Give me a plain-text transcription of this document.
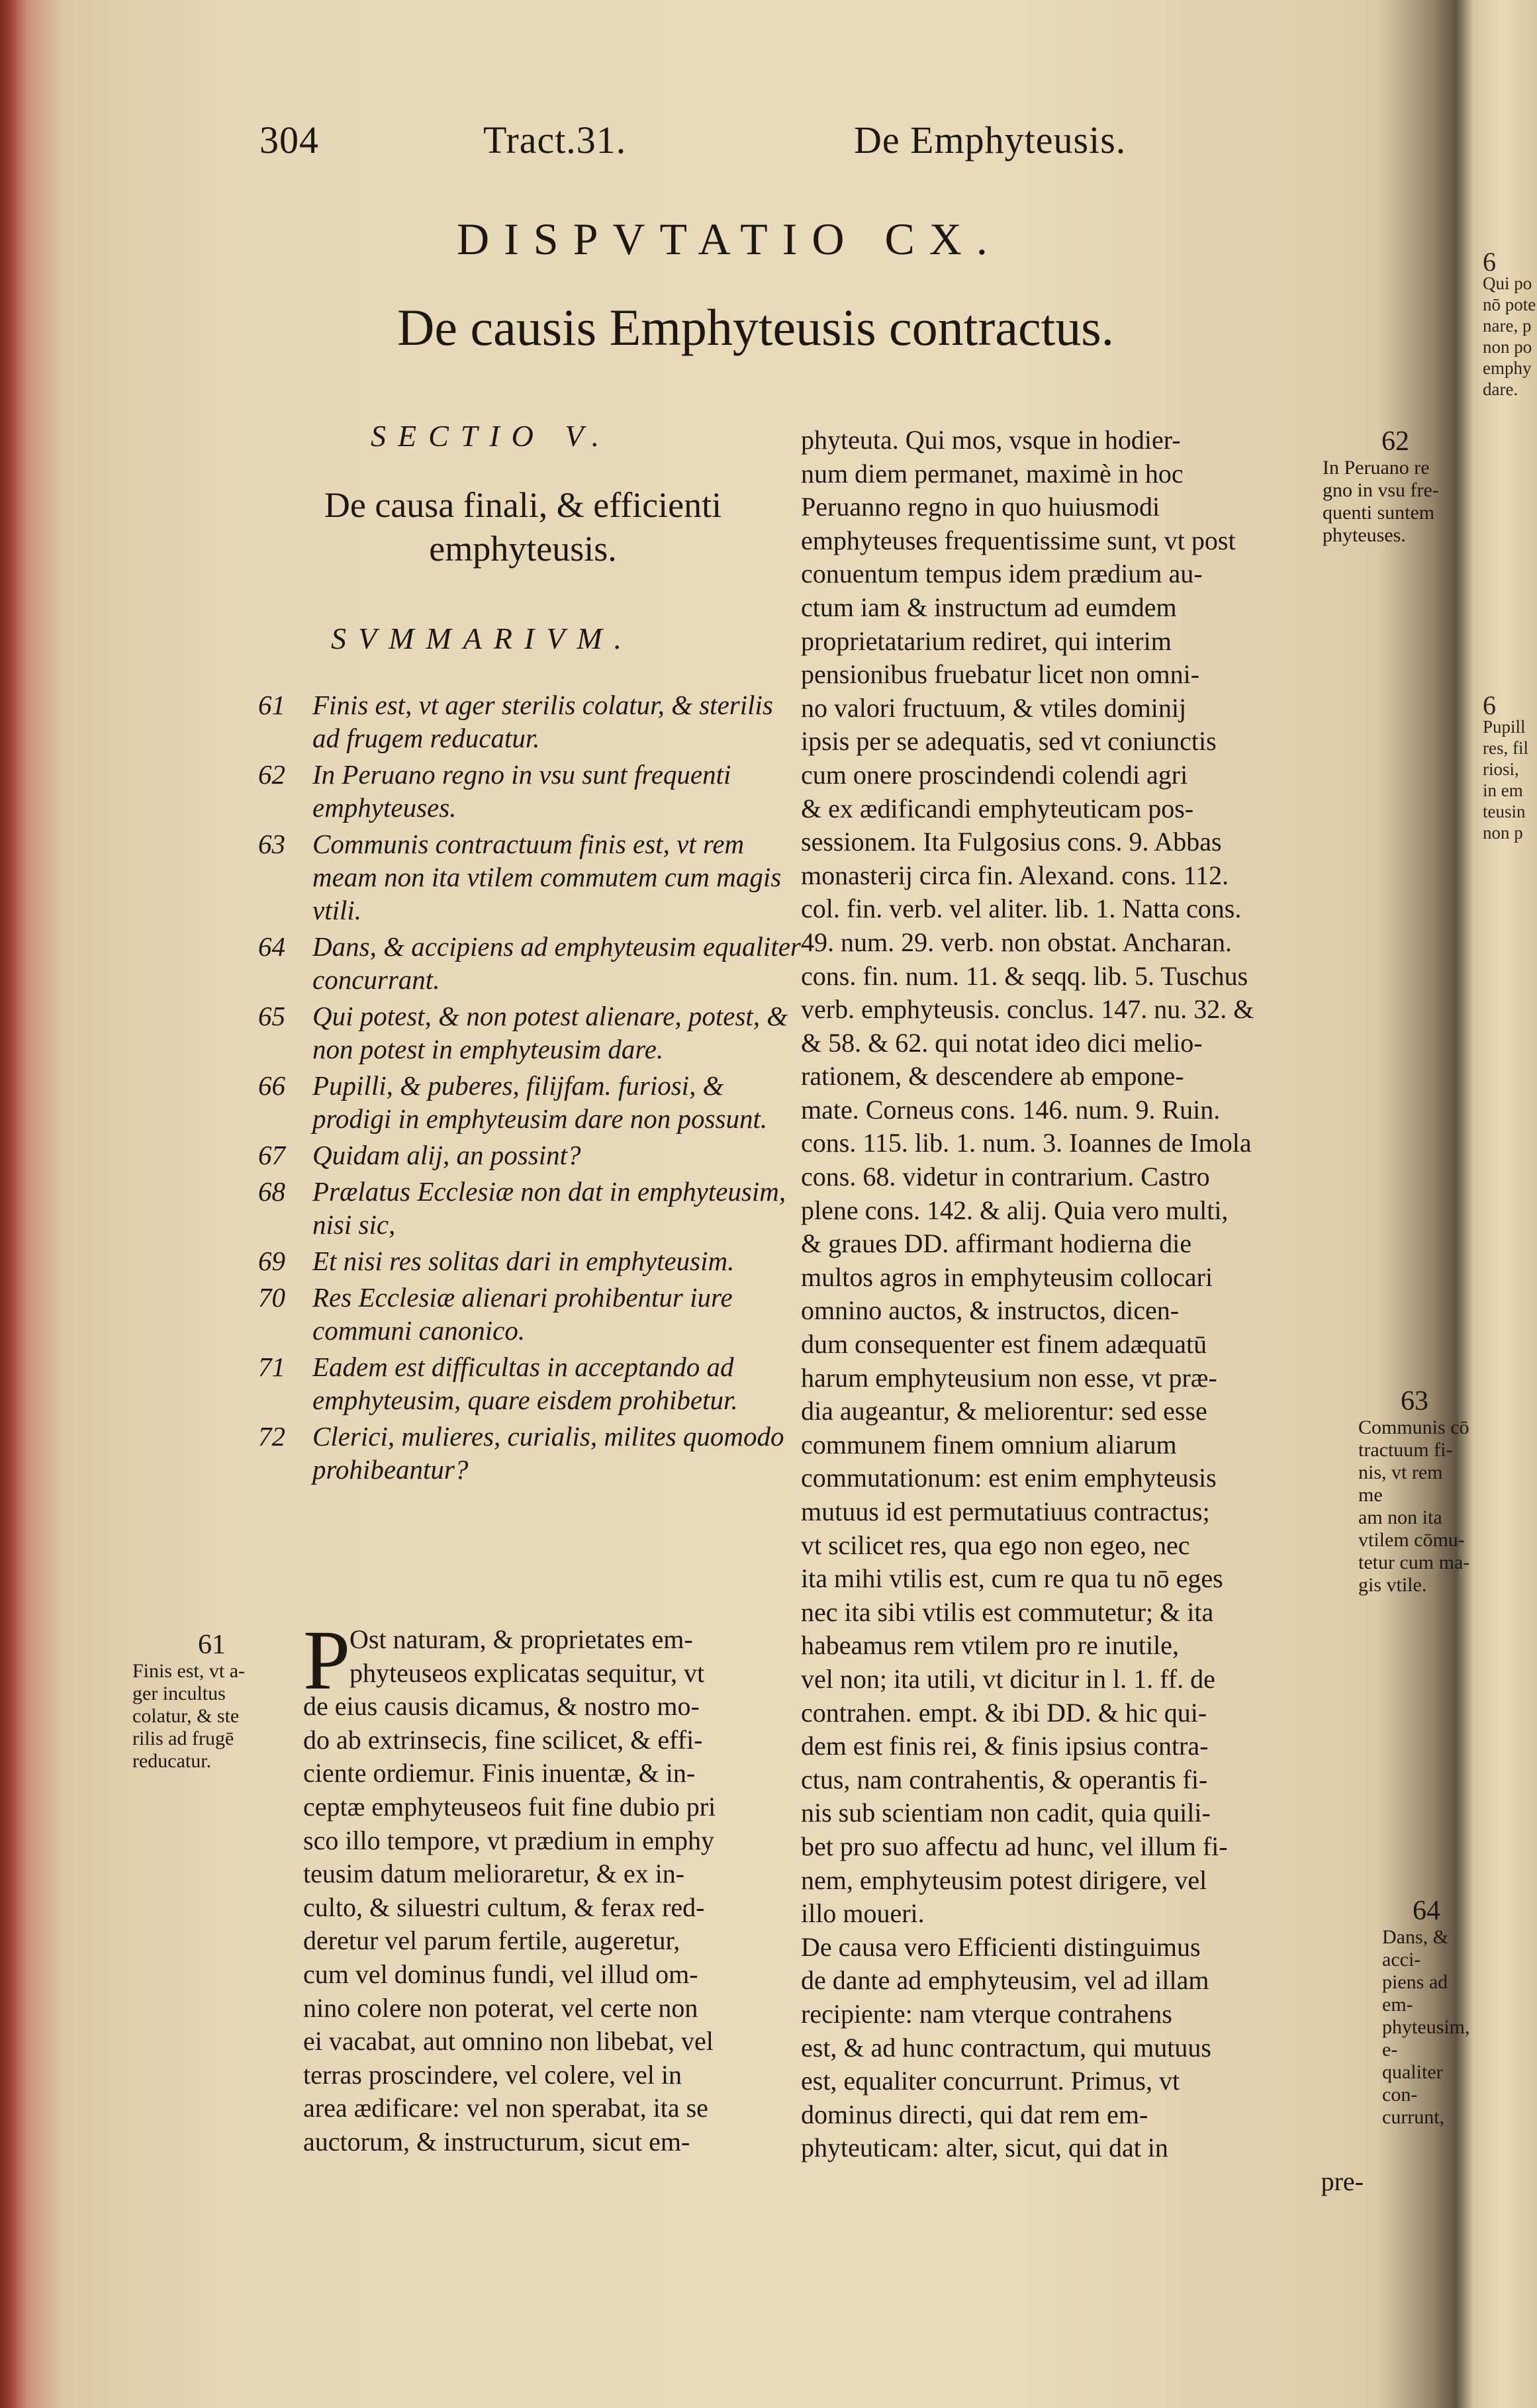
304	Tract.31.	De Emphyteusis.
DISPVTATIO CX.
De causis Emphyteusis contractus.
SECTIO V.
De causa finali, & efficienti
emphyteusis.
SVMMARIVM.
61 Finis est, vt ager sterilis colatur, & sterilis ad frugem reducatur.
62 In Peruano regno in vsu sunt frequenti emphyteuses.
63 Communis contractuum finis est, vt rem meam non ita vtilem commutem cum magis vtili.
64 Dans, & accipiens ad emphyteusim equaliter concurrant.
65 Qui potest, & non potest alienare, potest, & non potest in emphyteusim dare.
66 Pupilli, & puberes, filijfam. furiosi, & prodigi in emphyteusim dare non possunt.
67 Quidam alij, an possint?
68 Prælatus Ecclesiæ non dat in emphyteusim, nisi sic,
69 Et nisi res solitas dari in emphyteusim.
70 Res Ecclesiæ alienari prohibentur iure communi canonico.
71 Eadem est difficultas in acceptando ad emphyteusim, quare eisdem prohibetur.
72 Clerici, mulieres, curialis, milites quomodo prohibeantur?
P
Ost naturam, & proprietates em-
phyteuseos explicatas sequitur, vt
de eius causis dicamus, & nostro mo-
do ab extrinsecis, fine scilicet, & effi-
ciente ordiemur. Finis inuentæ, & in-
ceptæ emphyteuseos fuit fine dubio pri
sco illo tempore, vt prædium in emphy
teusim datum melioraretur, & ex in-
culto, & siluestri cultum, & ferax red-
deretur vel parum fertile, augeretur,
cum vel dominus fundi, vel illud om-
nino colere non poterat, vel certe non
ei vacabat, aut omnino non libebat, vel
terras proscindere, vel colere, vel in
area ædificare: vel non sperabat, ita se
auctorum, & instructurum, sicut em-
phyteuta. Qui mos, vsque in hodier-
num diem permanet, maximè in hoc
Peruanno regno in quo huiusmodi
emphyteuses frequentissime sunt, vt post
conuentum tempus idem prædium au-
ctum iam & instructum ad eumdem
proprietatarium rediret, qui interim
pensionibus fruebatur licet non omni-
no valori fructuum, & vtiles dominij
ipsis per se adequatis, sed vt coniunctis
cum onere proscindendi colendi agri
& ex ædificandi emphyteuticam pos-
sessionem. Ita Fulgosius cons. 9. Abbas
monasterij circa fin. Alexand. cons. 112.
col. fin. verb. vel aliter. lib. 1. Natta cons.
49. num. 29. verb. non obstat. Ancharan.
cons. fin. num. 11. & seqq. lib. 5. Tuschus
verb. emphyteusis. conclus. 147. nu. 32. &
& 58. & 62. qui notat ideo dici melio-
rationem, & descendere ab empone-
mate. Corneus cons. 146. num. 9. Ruin.
cons. 115. lib. 1. num. 3. Ioannes de Imola
cons. 68. videtur in contrarium. Castro
plene cons. 142. & alij. Quia vero multi,
& graues DD. affirmant hodierna die
multos agros in emphyteusim collocari
omnino auctos, & instructos, dicen-
dum consequenter est finem adæquatū
harum emphyteusium non esse, vt præ-
dia augeantur, & meliorentur: sed esse
communem finem omnium aliarum
commutationum: est enim emphyteusis
mutuus id est permutatiuus contractus;
vt scilicet res, qua ego non egeo, nec
ita mihi vtilis est, cum re qua tu nō eges
nec ita sibi vtilis est commutetur; & ita
habeamus rem vtilem pro re inutile,
vel non; ita utili, vt dicitur in l. 1. ff. de
contrahen. empt. & ibi DD. & hic qui-
dem est finis rei, & finis ipsius contra-
ctus, nam contrahentis, & operantis fi-
nis sub scientiam non cadit, quia quili-
bet pro suo affectu ad hunc, vel illum fi-
nem, emphyteusim potest dirigere, vel
illo moueri.
De causa vero Efficienti distinguimus
de dante ad emphyteusim, vel ad illam
recipiente: nam vterque contrahens
est, & ad hunc contractum, qui mutuus
est, equaliter concurrunt. Primus, vt
dominus directi, qui dat rem em-
phyteuticam: alter, sicut, qui dat in
pre-
61
Finis est, vt a-
ger incultus
colatur, & ste
rilis ad frugē
reducatur.
62
In Peruano re
gno in vsu fre-
quenti suntem
phyteuses.
63
Communis cō
tractuum fi-
nis, vt rem me
am non ita
vtilem cōmu-
tetur cum ma-
gis vtile.
64
Dans, & acci-
piens ad em-
phyteusim, e-
qualiter con-
currunt,
6
Qui po
nō pote
nare, p
non po
emphy
dare.
6
Pupill
res, fil
riosi,
in em
teusin
non p
